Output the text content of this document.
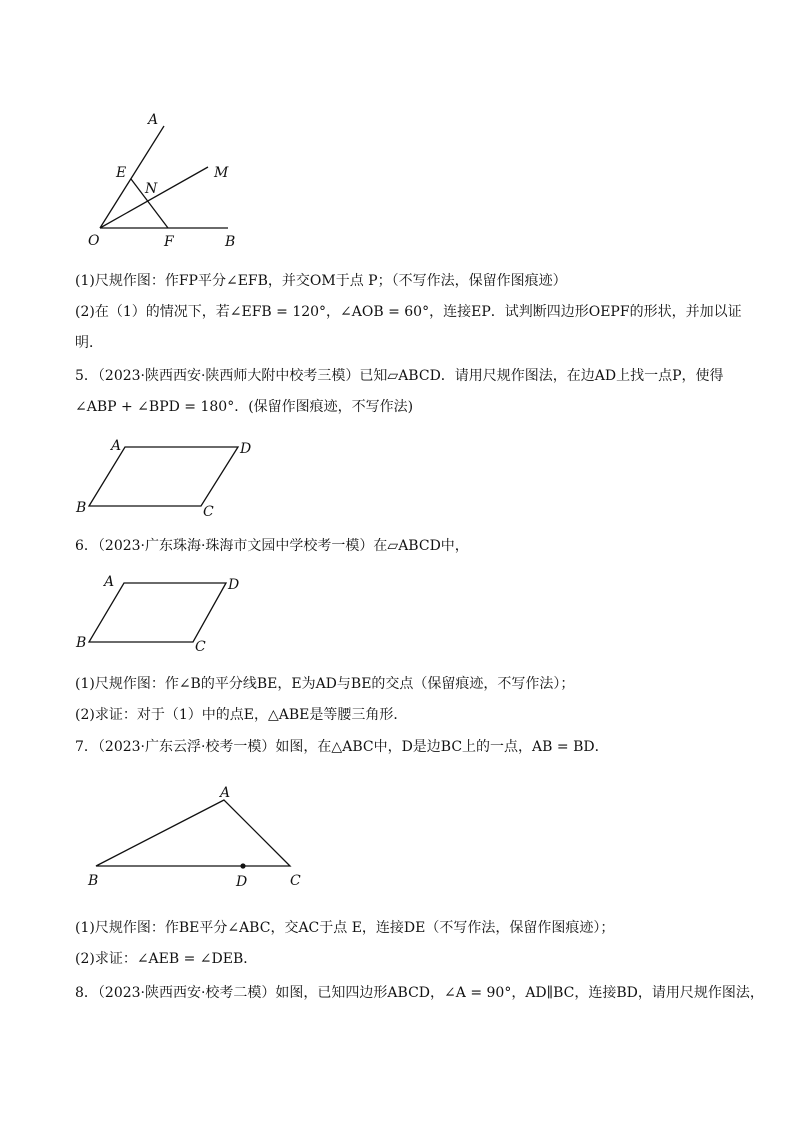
A
E
N
M
O	F	B
(1)尺规作图：作FP平分∠EFB，并交OM于点 P；（不写作法，保留作图痕迹）
(2)在（1）的情况下，若∠EFB = 120°，∠AOB = 60°，连接EP．试判断四边形OEPF的形状，并加以证
明．
5．（2023·陕西西安·陕西师大附中校考三模）已知▱ABCD．请用尺规作图法，在边AD上找一点P，使得
∠ABP + ∠BPD = 180°．(保留作图痕迹，不写作法)
A	D
B	C
6．（2023·广东珠海·珠海市文园中学校考一模）在▱ABCD中，
A	D
B	C
(1)尺规作图：作∠B的平分线BE，E为AD与BE的交点（保留痕迹，不写作法）；
(2)求证：对于（1）中的点E，△ABE是等腰三角形．
7．（2023·广东云浮·校考一模）如图，在△ABC中，D是边BC上的一点，AB = BD．
A
B	D	C
(1)尺规作图：作BE平分∠ABC，交AC于点 E，连接DE（不写作法，保留作图痕迹）；
(2)求证：∠AEB = ∠DEB．
8．（2023·陕西西安·校考二模）如图，已知四边形ABCD，∠A = 90°，AD∥BC，连接BD，请用尺规作图法，
